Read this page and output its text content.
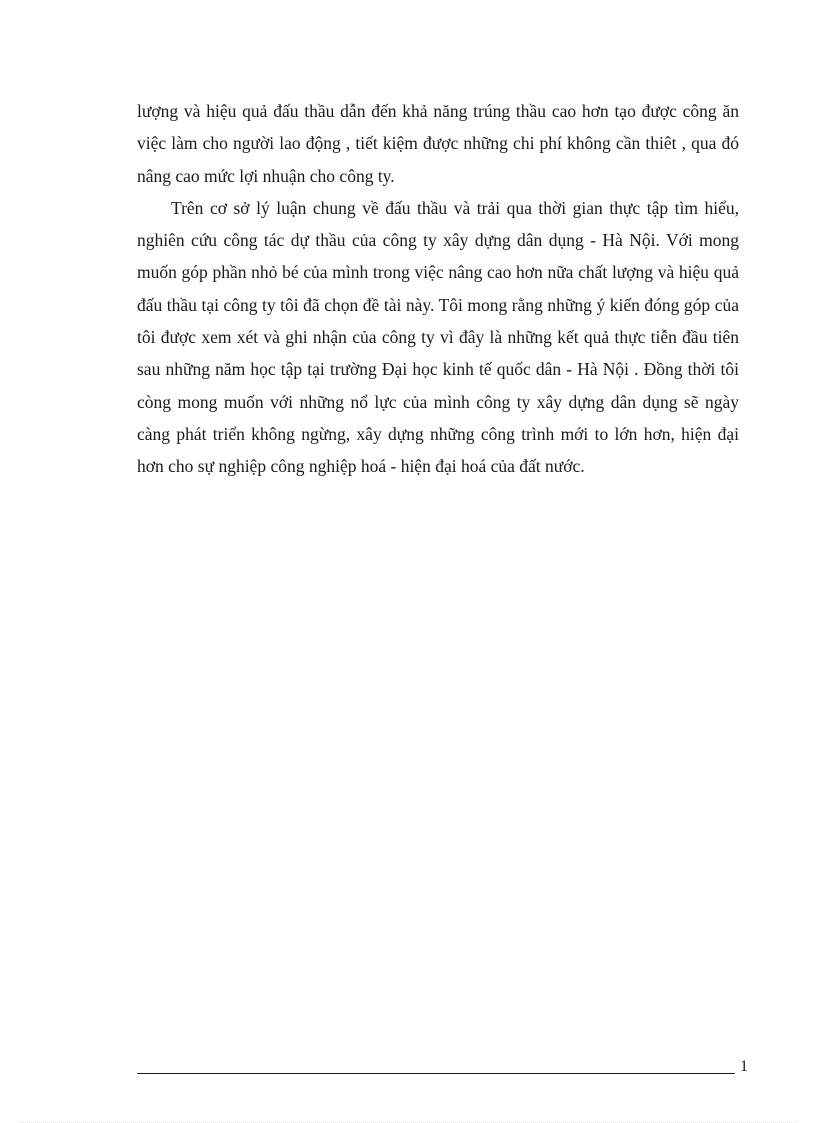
lượng và hiệu quả đấu thầu dẫn đến khả năng trúng thầu cao hơn tạo được công ăn việc làm cho người lao động , tiết kiệm được những chi phí không cần thiêt , qua đó nâng cao mức lợi nhuận cho công ty.

Trên cơ sở lý luận chung về đấu thầu và trải qua thời gian thực tập tìm hiểu, nghiên cứu công tác dự thầu của công ty xây dựng dân dụng - Hà Nội. Với mong muốn góp phần nhỏ bé của mình trong việc nâng cao hơn nữa chất lượng và hiệu quả đấu thầu tại công ty tôi đã chọn đề tài này. Tôi mong rằng những ý kiến đóng góp của tôi được xem xét và ghi nhận của công ty vì đây là những kết quả thực tiễn đầu tiên sau những năm học tập tại trường Đại học kinh tế quốc dân - Hà Nội . Đồng thời tôi còng mong muốn với những nổ lực của mình công ty xây dựng dân dụng sẽ ngày càng phát triển không ngừng, xây dựng những công trình mới to lớn hơn, hiện đại hơn cho sự nghiệp công nghiệp hoá - hiện đại hoá của đất nước.

1
